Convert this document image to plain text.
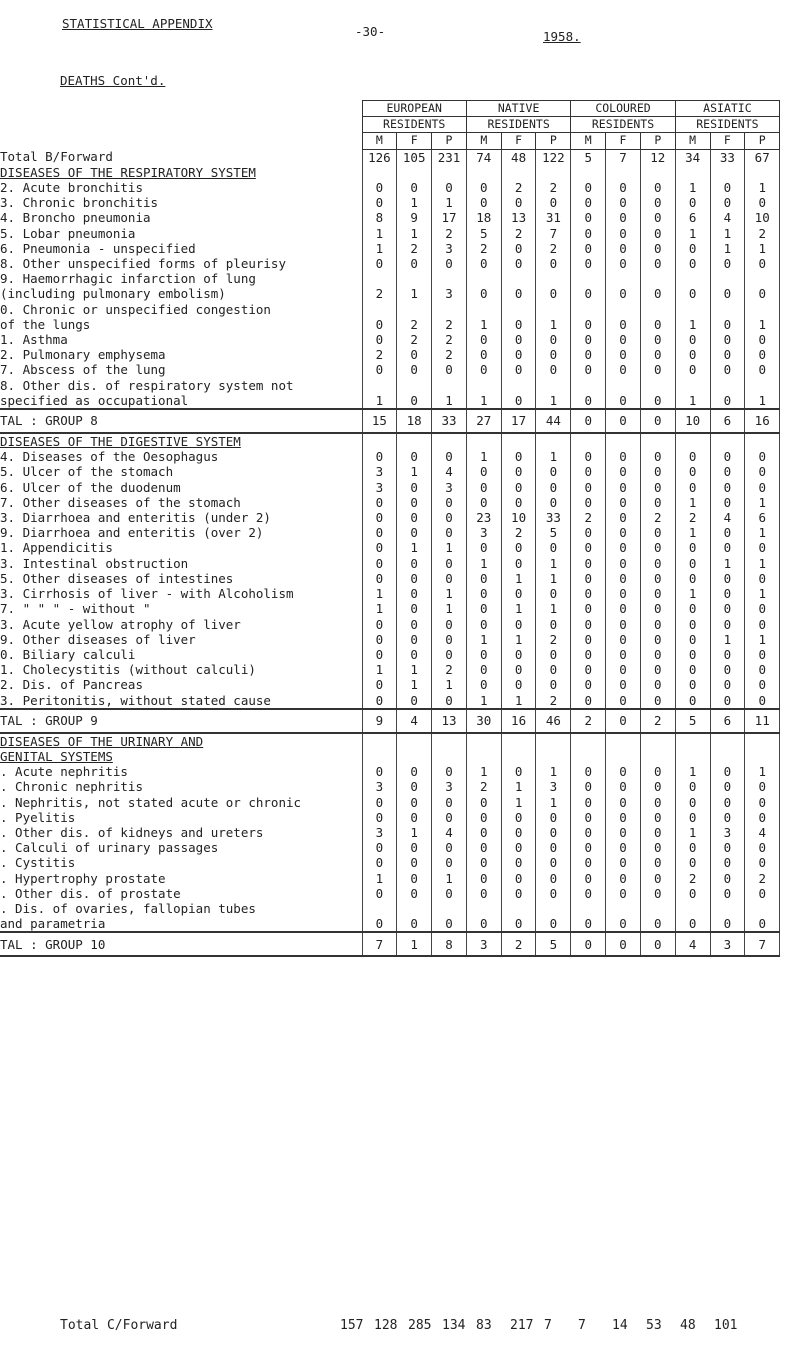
STATISTICAL APPENDIX
-30-	1958.
DEATHS Cont'd.
	EUROPEAN			NATIVE			COLOURED			ASIATIC		
	RESIDENTS			RESIDENTS			RESIDENTS			RESIDENTS		
	M	F	P	M	F	P	M	F	P	M	F	P
Total B/Forward	126	105	231	74	48	122	5	7	12	34	33	67
DISEASES OF THE RESPIRATORY SYSTEM												
2. Acute bronchitis	0	0	0	0	2	2	0	0	0	1	0	1
3. Chronic bronchitis	0	1	1	0	0	0	0	0	0	0	0	0
4. Broncho pneumonia	8	9	17	18	13	31	0	0	0	6	4	10
5. Lobar pneumonia	1	1	2	5	2	7	0	0	0	1	1	2
6. Pneumonia - unspecified	1	2	3	2	0	2	0	0	0	0	1	1
8. Other unspecified forms of pleurisy	0	0	0	0	0	0	0	0	0	0	0	0
9. Haemorrhagic infarction of lung												
(including pulmonary embolism)	2	1	3	0	0	0	0	0	0	0	0	0
0. Chronic or unspecified congestion												
of the lungs	0	2	2	1	0	1	0	0	0	1	0	1
1. Asthma	0	2	2	0	0	0	0	0	0	0	0	0
2. Pulmonary emphysema	2	0	2	0	0	0	0	0	0	0	0	0
7. Abscess of the lung	0	0	0	0	0	0	0	0	0	0	0	0
8. Other dis. of respiratory system not												
specified as occupational	1	0	1	1	0	1	0	0	0	1	0	1
TAL : GROUP 8	15	18	33	27	17	44	0	0	0	10	6	16
DISEASES OF THE DIGESTIVE SYSTEM												
4. Diseases of the Oesophagus	0	0	0	1	0	1	0	0	0	0	0	0
5. Ulcer of the stomach	3	1	4	0	0	0	0	0	0	0	0	0
6. Ulcer of the duodenum	3	0	3	0	0	0	0	0	0	0	0	0
7. Other diseases of the stomach	0	0	0	0	0	0	0	0	0	1	0	1
3. Diarrhoea and enteritis (under 2)	0	0	0	23	10	33	2	0	2	2	4	6
9. Diarrhoea and enteritis (over 2)	0	0	0	3	2	5	0	0	0	1	0	1
1. Appendicitis	0	1	1	0	0	0	0	0	0	0	0	0
3. Intestinal obstruction	0	0	0	1	0	1	0	0	0	0	1	1
5. Other diseases of intestines	0	0	0	0	1	1	0	0	0	0	0	0
3. Cirrhosis of liver - with Alcoholism	1	0	1	0	0	0	0	0	0	1	0	1
7. " " " - without "	1	0	1	0	1	1	0	0	0	0	0	0
3. Acute yellow atrophy of liver	0	0	0	0	0	0	0	0	0	0	0	0
9. Other diseases of liver	0	0	0	1	1	2	0	0	0	0	1	1
0. Biliary calculi	0	0	0	0	0	0	0	0	0	0	0	0
1. Cholecystitis (without calculi)	1	1	2	0	0	0	0	0	0	0	0	0
2. Dis. of Pancreas	0	1	1	0	0	0	0	0	0	0	0	0
3. Peritonitis, without stated cause	0	0	0	1	1	2	0	0	0	0	0	0
TAL : GROUP 9	9	4	13	30	16	46	2	0	2	5	6	11
DISEASES OF THE URINARY AND												
GENITAL SYSTEMS												
. Acute nephritis	0	0	0	1	0	1	0	0	0	1	0	1
. Chronic nephritis	3	0	3	2	1	3	0	0	0	0	0	0
. Nephritis, not stated acute or chronic	0	0	0	0	1	1	0	0	0	0	0	0
. Pyelitis	0	0	0	0	0	0	0	0	0	0	0	0
. Other dis. of kidneys and ureters	3	1	4	0	0	0	0	0	0	1	3	4
. Calculi of urinary passages	0	0	0	0	0	0	0	0	0	0	0	0
. Cystitis	0	0	0	0	0	0	0	0	0	0	0	0
. Hypertrophy prostate	1	0	1	0	0	0	0	0	0	2	0	2
. Other dis. of prostate	0	0	0	0	0	0	0	0	0	0	0	0
. Dis. of ovaries, fallopian tubes												
and parametria	0	0	0	0	0	0	0	0	0	0	0	0
TAL : GROUP 10	7	1	8	3	2	5	0	0	0	4	3	7
Total C/Forward	157 128 285 134 83 217 7 7 14 53 48 101
